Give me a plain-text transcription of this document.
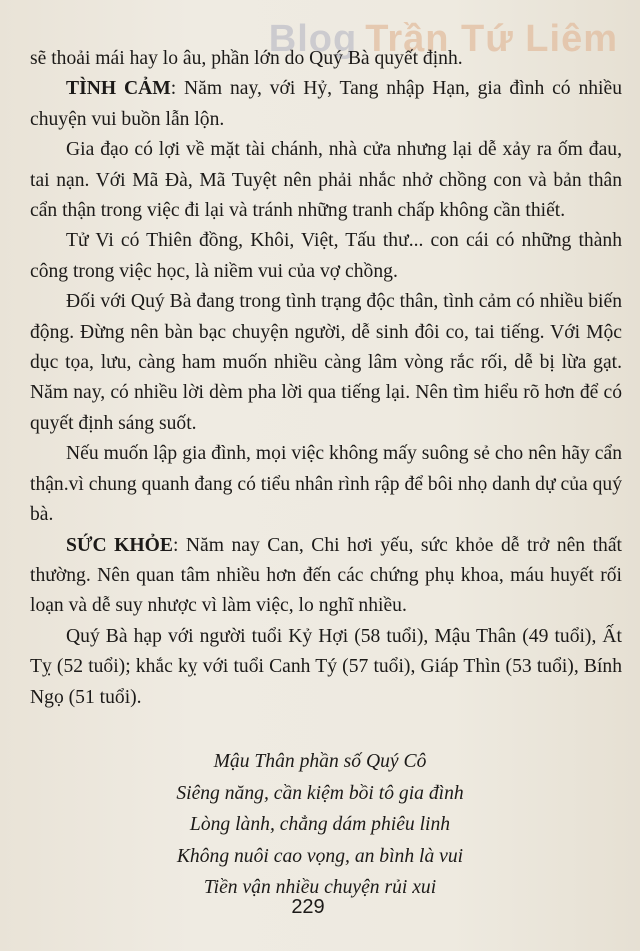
Blog Trần Tứ Liêm

sẽ thoải mái hay lo âu, phần lớn do Quý Bà quyết định.

TÌNH CẢM: Năm nay, với Hỷ, Tang nhập Hạn, gia đình có nhiều chuyện vui buồn lẫn lộn.

Gia đạo có lợi về mặt tài chánh, nhà cửa nhưng lại dễ xảy ra ốm đau, tai nạn. Với Mã Đà, Mã Tuyệt nên phải nhắc nhở chồng con và bản thân cẩn thận trong việc đi lại và tránh những tranh chấp không cần thiết.

Tử Vi có Thiên đồng, Khôi, Việt, Tấu thư... con cái có những thành công trong việc học, là niềm vui của vợ chồng.

Đối với Quý Bà đang trong tình trạng độc thân, tình cảm có nhiều biến động. Đừng nên bàn bạc chuyện người, dễ sinh đôi co, tai tiếng. Với Mộc dục tọa, lưu, càng ham muốn nhiều càng lâm vòng rắc rối, dễ bị lừa gạt. Năm nay, có nhiều lời dèm pha lời qua tiếng lại. Nên tìm hiểu rõ hơn để có quyết định sáng suốt.

Nếu muốn lập gia đình, mọi việc không mấy suông sẻ cho nên hãy cẩn thận.vì chung quanh đang có tiểu nhân rình rập để bôi nhọ danh dự của quý bà.

SỨC KHỎE: Năm nay Can, Chi hơi yếu, sức khỏe dễ trở nên thất thường. Nên quan tâm nhiều hơn đến các chứng phụ khoa, máu huyết rối loạn và dễ suy nhược vì làm việc, lo nghĩ nhiều.

Quý Bà hạp với người tuổi Kỷ Hợi (58 tuổi), Mậu Thân (49 tuổi), Ất Tỵ (52 tuổi); khắc kỵ với tuổi Canh Tý (57 tuổi), Giáp Thìn (53 tuổi), Bính Ngọ (51 tuổi).

Mậu Thân phần số Quý Cô
Siêng năng, cần kiệm bồi tô gia đình
Lòng lành, chẳng dám phiêu linh
Không nuôi cao vọng, an bình là vui
Tiền vận nhiều chuyện rủi xui
229
